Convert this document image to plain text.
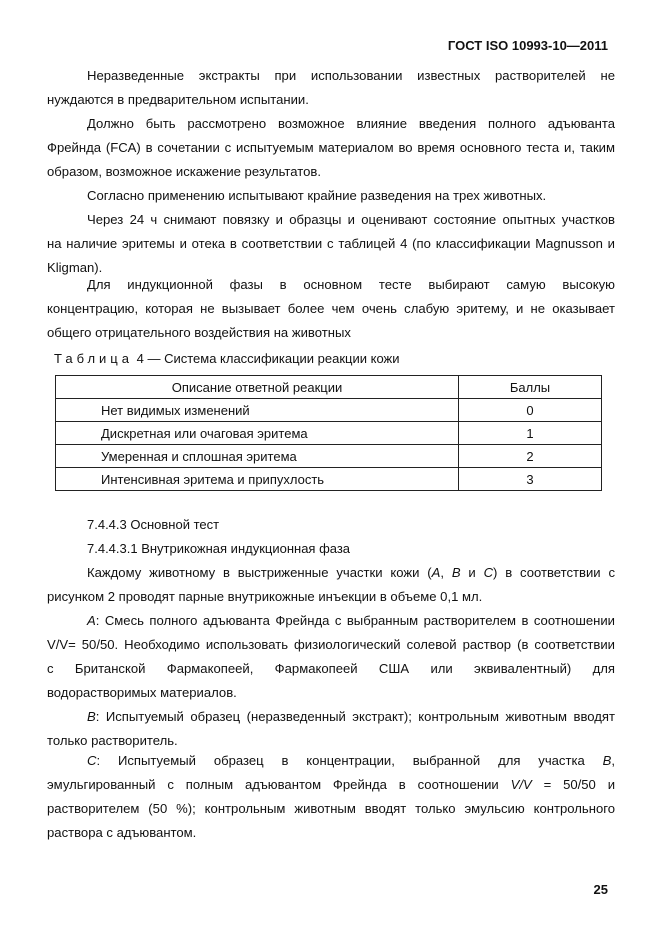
ГОСТ ISO 10993-10—2011
Неразведенные экстракты при использовании известных растворителей не
нуждаются в предварительном испытании.
Должно быть рассмотрено возможное влияние введения полного адъюванта
Фрейнда (FCA) в сочетании с испытуемым материалом во время основного теста и, таким
образом, возможное искажение результатов.
Согласно применению испытывают крайние разведения на трех животных.
Через 24 ч снимают повязку и образцы и оценивают состояние опытных участков
на наличие эритемы и отека в соответствии с таблицей 4 (по классификации Magnusson и
Kligman).
Для индукционной фазы в основном тесте выбирают самую высокую
концентрацию, которая не вызывает более чем очень слабую эритему, и не оказывает
общего отрицательного воздействия на животных
Таблица 4 — Система классификации реакции кожи
Описание ответной реакции	Баллы
Нет видимых изменений	0
Дискретная или очаговая эритема	1
Умеренная и сплошная эритема	2
Интенсивная эритема и припухлость	3
7.4.4.3 Основной тест
7.4.4.3.1 Внутрикожная индукционная фаза
Каждому животному в выстриженные участки кожи (A, B и C) в соответствии с
рисунком 2 проводят парные внутрикожные инъекции в объеме 0,1 мл.
A: Смесь полного адъюванта Фрейнда с выбранным растворителем в соотношении
V/V= 50/50. Необходимо использовать физиологический солевой раствор (в соответствии
с Британской Фармакопеей, Фармакопеей США или эквивалентный) для
водорастворимых материалов.
B: Испытуемый образец (неразведенный экстракт); контрольным животным вводят
только растворитель.
C: Испытуемый образец в концентрации, выбранной для участка B,
эмульгированный с полным адъювантом Фрейнда в соотношении V/V = 50/50 и
растворителем (50 %); контрольным животным вводят только эмульсию контрольного
раствора с адъювантом.
25
